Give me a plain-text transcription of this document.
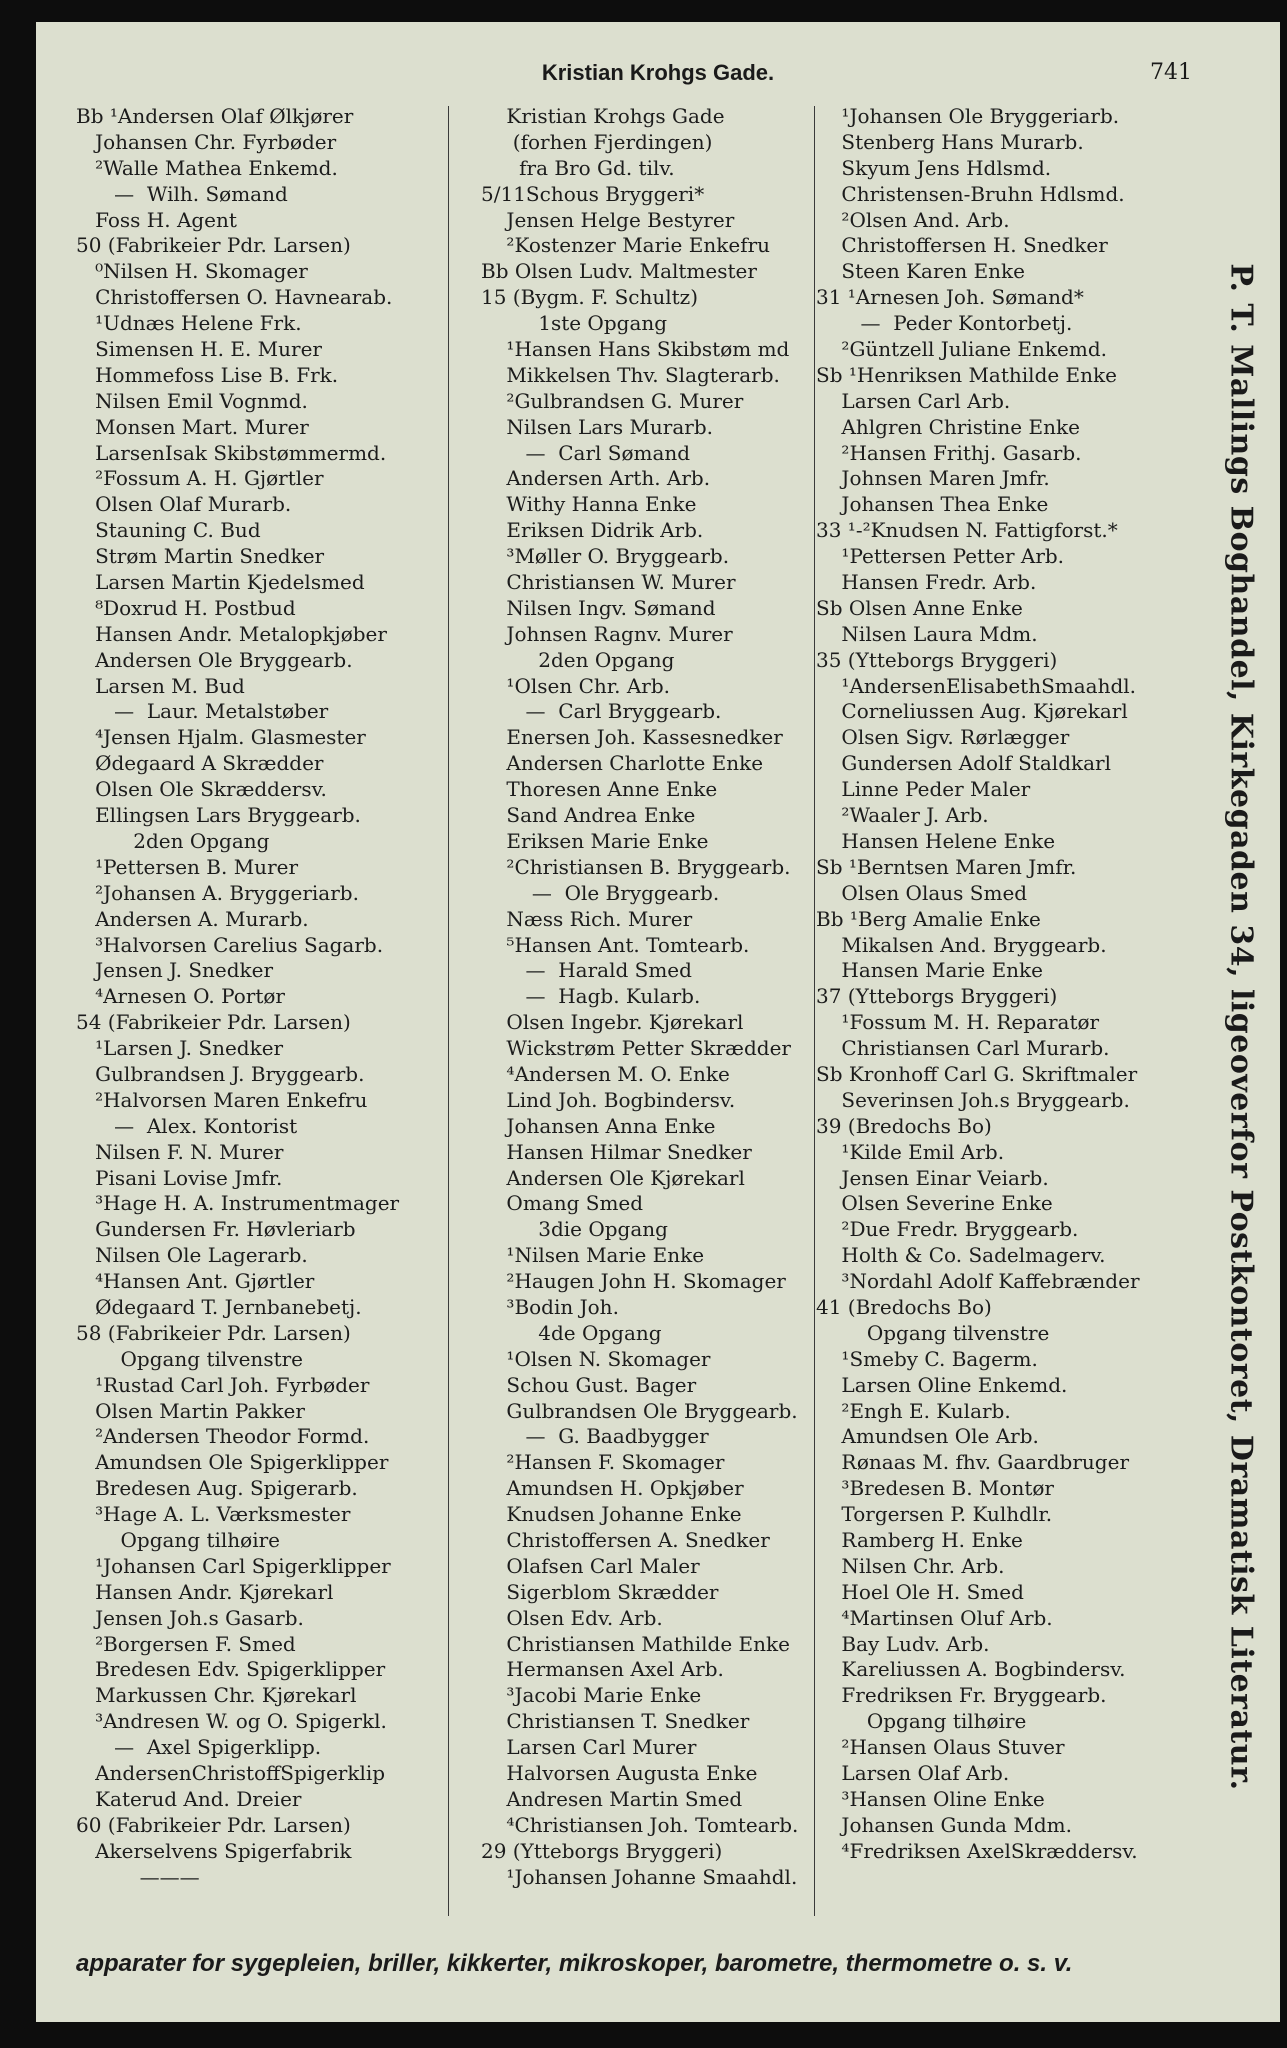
Kristian Krohgs Gade.	741
Bb ¹Andersen Olaf Ølkjører
Johansen Chr. Fyrbøder
²Walle Mathea Enkemd.
—  Wilh. Sømand
Foss H. Agent
50 (Fabrikeier Pdr. Larsen)
⁰Nilsen H. Skomager
Christoffersen O. Havnearab.
¹Udnæs Helene Frk.
Simensen H. E. Murer
Hommefoss Lise B. Frk.
Nilsen Emil Vognmd.
Monsen Mart. Murer
LarsenIsak Skibstømmermd.
²Fossum A. H. Gjørtler
Olsen Olaf Murarb.
Stauning C. Bud
Strøm Martin Snedker
Larsen Martin Kjedelsmed
⁸Doxrud H. Postbud
Hansen Andr. Metalopkjøber
Andersen Ole Bryggearb.
Larsen M. Bud
—  Laur. Metalstøber
⁴Jensen Hjalm. Glasmester
Ødegaard A Skrædder
Olsen Ole Skræddersv.
Ellingsen Lars Bryggearb.
2den Opgang
¹Pettersen B. Murer
²Johansen A. Bryggeriarb.
Andersen A. Murarb.
³Halvorsen Carelius Sagarb.
Jensen J. Snedker
⁴Arnesen O. Portør
54 (Fabrikeier Pdr. Larsen)
¹Larsen J. Snedker
Gulbrandsen J. Bryggearb.
²Halvorsen Maren Enkefru
—  Alex. Kontorist
Nilsen F. N. Murer
Pisani Lovise Jmfr.
³Hage H. A. Instrumentmager
Gundersen Fr. Høvleriarb
Nilsen Ole Lagerarb.
⁴Hansen Ant. Gjørtler
Ødegaard T. Jernbanebetj.
58 (Fabrikeier Pdr. Larsen)
Opgang tilvenstre
¹Rustad Carl Joh. Fyrbøder
Olsen Martin Pakker
²Andersen Theodor Formd.
Amundsen Ole Spigerklipper
Bredesen Aug. Spigerarb.
³Hage A. L. Værksmester
Opgang tilhøire
¹Johansen Carl Spigerklipper
Hansen Andr. Kjørekarl
Jensen Joh.s Gasarb.
²Borgersen F. Smed
Bredesen Edv. Spigerklipper
Markussen Chr. Kjørekarl
³Andresen W. og O. Spigerkl.
—  Axel Spigerklipp.
AndersenChristoffSpigerklip
Katerud And. Dreier
60 (Fabrikeier Pdr. Larsen)
Akerselvens Spigerfabrik
———
Kristian Krohgs Gade
(forhen Fjerdingen)
fra Bro Gd. tilv.
5/11Schous Bryggeri*
Jensen Helge Bestyrer
²Kostenzer Marie Enkefru
Bb Olsen Ludv. Maltmester
15 (Bygm. F. Schultz)
1ste Opgang
¹Hansen Hans Skibstøm md
Mikkelsen Thv. Slagterarb.
²Gulbrandsen G. Murer
Nilsen Lars Murarb.
—  Carl Sømand
Andersen Arth. Arb.
Withy Hanna Enke
Eriksen Didrik Arb.
³Møller O. Bryggearb.
Christiansen W. Murer
Nilsen Ingv. Sømand
Johnsen Ragnv. Murer
2den Opgang
¹Olsen Chr. Arb.
—  Carl Bryggearb.
Enersen Joh. Kassesnedker
Andersen Charlotte Enke
Thoresen Anne Enke
Sand Andrea Enke
Eriksen Marie Enke
²Christiansen B. Bryggearb.
—  Ole Bryggearb.
Næss Rich. Murer
⁵Hansen Ant. Tomtearb.
—  Harald Smed
—  Hagb. Kularb.
Olsen Ingebr. Kjørekarl
Wickstrøm Petter Skrædder
⁴Andersen M. O. Enke
Lind Joh. Bogbindersv.
Johansen Anna Enke
Hansen Hilmar Snedker
Andersen Ole Kjørekarl
Omang Smed
3die Opgang
¹Nilsen Marie Enke
²Haugen John H. Skomager
³Bodin Joh.
4de Opgang
¹Olsen N. Skomager
Schou Gust. Bager
Gulbrandsen Ole Bryggearb.
—  G. Baadbygger
²Hansen F. Skomager
Amundsen H. Opkjøber
Knudsen Johanne Enke
Christoffersen A. Snedker
Olafsen Carl Maler
Sigerblom Skrædder
Olsen Edv. Arb.
Christiansen Mathilde Enke
Hermansen Axel Arb.
³Jacobi Marie Enke
Christiansen T. Snedker
Larsen Carl Murer
Halvorsen Augusta Enke
Andresen Martin Smed
⁴Christiansen Joh. Tomtearb.
29 (Ytteborgs Bryggeri)
¹Johansen Johanne Smaahdl.
¹Johansen Ole Bryggeriarb.
Stenberg Hans Murarb.
Skyum Jens Hdlsmd.
Christensen-Bruhn Hdlsmd.
²Olsen And. Arb.
Christoffersen H. Snedker
Steen Karen Enke
31 ¹Arnesen Joh. Sømand*
—  Peder Kontorbetj.
²Güntzell Juliane Enkemd.
Sb ¹Henriksen Mathilde Enke
Larsen Carl Arb.
Ahlgren Christine Enke
²Hansen Frithj. Gasarb.
Johnsen Maren Jmfr.
Johansen Thea Enke
33 ¹-²Knudsen N. Fattigforst.*
¹Pettersen Petter Arb.
Hansen Fredr. Arb.
Sb Olsen Anne Enke
Nilsen Laura Mdm.
35 (Ytteborgs Bryggeri)
¹AndersenElisabethSmaahdl.
Corneliussen Aug. Kjørekarl
Olsen Sigv. Rørlægger
Gundersen Adolf Staldkarl
Linne Peder Maler
²Waaler J. Arb.
Hansen Helene Enke
Sb ¹Berntsen Maren Jmfr.
Olsen Olaus Smed
Bb ¹Berg Amalie Enke
Mikalsen And. Bryggearb.
Hansen Marie Enke
37 (Ytteborgs Bryggeri)
¹Fossum M. H. Reparatør
Christiansen Carl Murarb.
Sb Kronhoff Carl G. Skriftmaler
Severinsen Joh.s Bryggearb.
39 (Bredochs Bo)
¹Kilde Emil Arb.
Jensen Einar Veiarb.
Olsen Severine Enke
²Due Fredr. Bryggearb.
Holth & Co. Sadelmagerv.
³Nordahl Adolf Kaffebrænder
41 (Bredochs Bo)
Opgang tilvenstre
¹Smeby C. Bagerm.
Larsen Oline Enkemd.
²Engh E. Kularb.
Amundsen Ole Arb.
Rønaas M. fhv. Gaardbruger
³Bredesen B. Montør
Torgersen P. Kulhdlr.
Ramberg H. Enke
Nilsen Chr. Arb.
Hoel Ole H. Smed
⁴Martinsen Oluf Arb.
Bay Ludv. Arb.
Kareliussen A. Bogbindersv.
Fredriksen Fr. Bryggearb.
Opgang tilhøire
²Hansen Olaus Stuver
Larsen Olaf Arb.
³Hansen Oline Enke
Johansen Gunda Mdm.
⁴Fredriksen AxelSkræddersv.
P. T. Mallings Boghandel, Kirkegaden 34, ligeoverfor Postkontoret, Dramatisk Literatur.
apparater for sygepleien, briller, kikkerter, mikroskoper, barometre, thermometre o. s. v.
